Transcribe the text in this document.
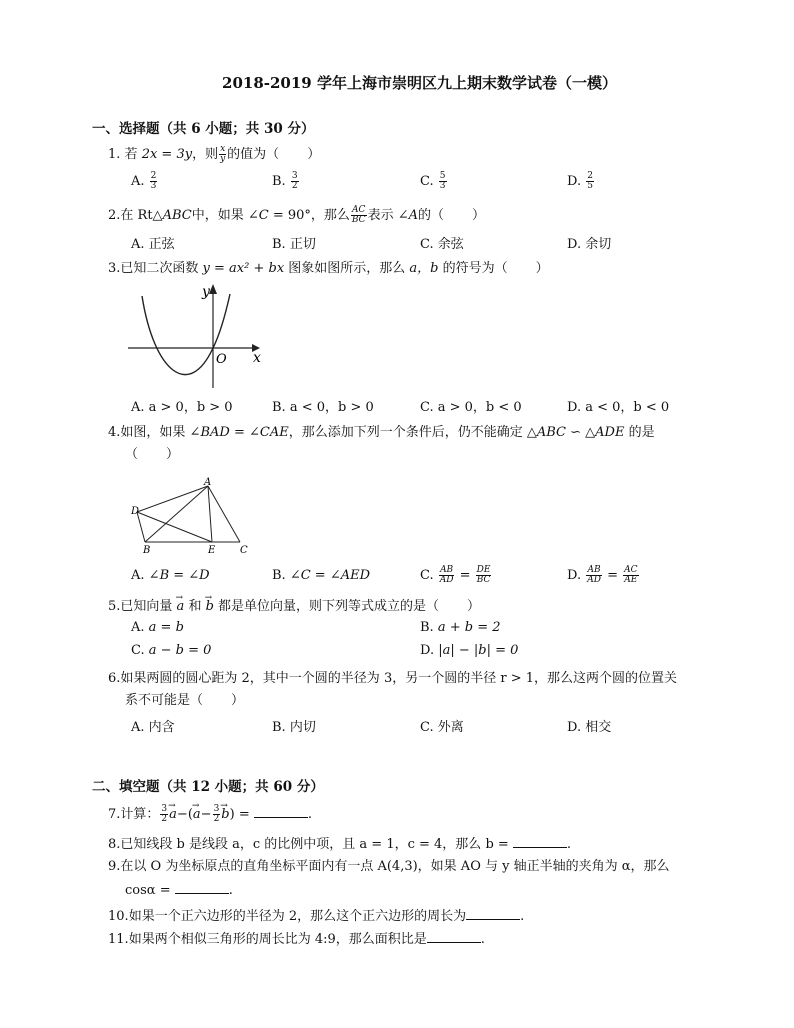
2018-2019 学年上海市崇明区九上期末数学试卷（一模）
一、选择题（共 6 小题；共 30 分）
1. 若 2x = 3y，则 $\frac{x}{y}$ 的值为（ ）
A. $\frac{2}{3}$	B. $\frac{3}{2}$	C. $\frac{5}{3}$	D. $\frac{2}{5}$
2.在 Rt△ABC中，如果 ∠C = 90°，那么 $\frac{AC}{BC}$ 表示 ∠A的（ ）
A. 正弦	B. 正切	C. 余弦	D. 余切
3.已知二次函数 y = ax² + bx 图象如图所示，那么 a，b 的符号为（ ）
y
x
O
A. a > 0，b > 0	B. a < 0，b > 0	C. a > 0，b < 0	D. a < 0，b < 0
4.如图，如果 ∠BAD = ∠CAE，那么添加下列一个条件后，仍不能确定 △ABC ∽ △ADE 的是
（ ）
A
D
B	E C
A. ∠B = ∠D	B. ∠C = ∠AED	C. $\frac{AB}{AD} = \frac{DE}{BC}$	D. $\frac{AB}{AD} = \frac{AC}{AE}$
5.已知向量 → a 和 → b 都是单位向量，则下列等式成立的是（ ）
A. a = b	B. a + b = 2
C. a − b = 0	D. |a| − |b| = 0
6.如果两圆的圆心距为 2，其中一个圆的半径为 3，另一个圆的半径 r > 1，那么这两个圆的位置关
系不可能是（ ）
A. 内含	B. 内切	C. 外离	D. 相交
二、填空题（共 12 小题；共 60 分）
7.计算： $\frac{3}{2}$
→ $a-(\to a- \frac{3}{2}$
→ b) =	.
8.已知线段 b 是线段 a，c 的比例中项，且 a = 1，c = 4，那么 b =	.
9.在以 O 为坐标原点的直角坐标平面内有一点 A(4,3)，如果 AO 与 y 轴正半轴的夹角为 α，那么
cosα =	.
10.如果一个正六边形的半径为 2，那么这个正六边形的周长为	.
11.如果两个相似三角形的周长比为 4:9，那么面积比是	.
